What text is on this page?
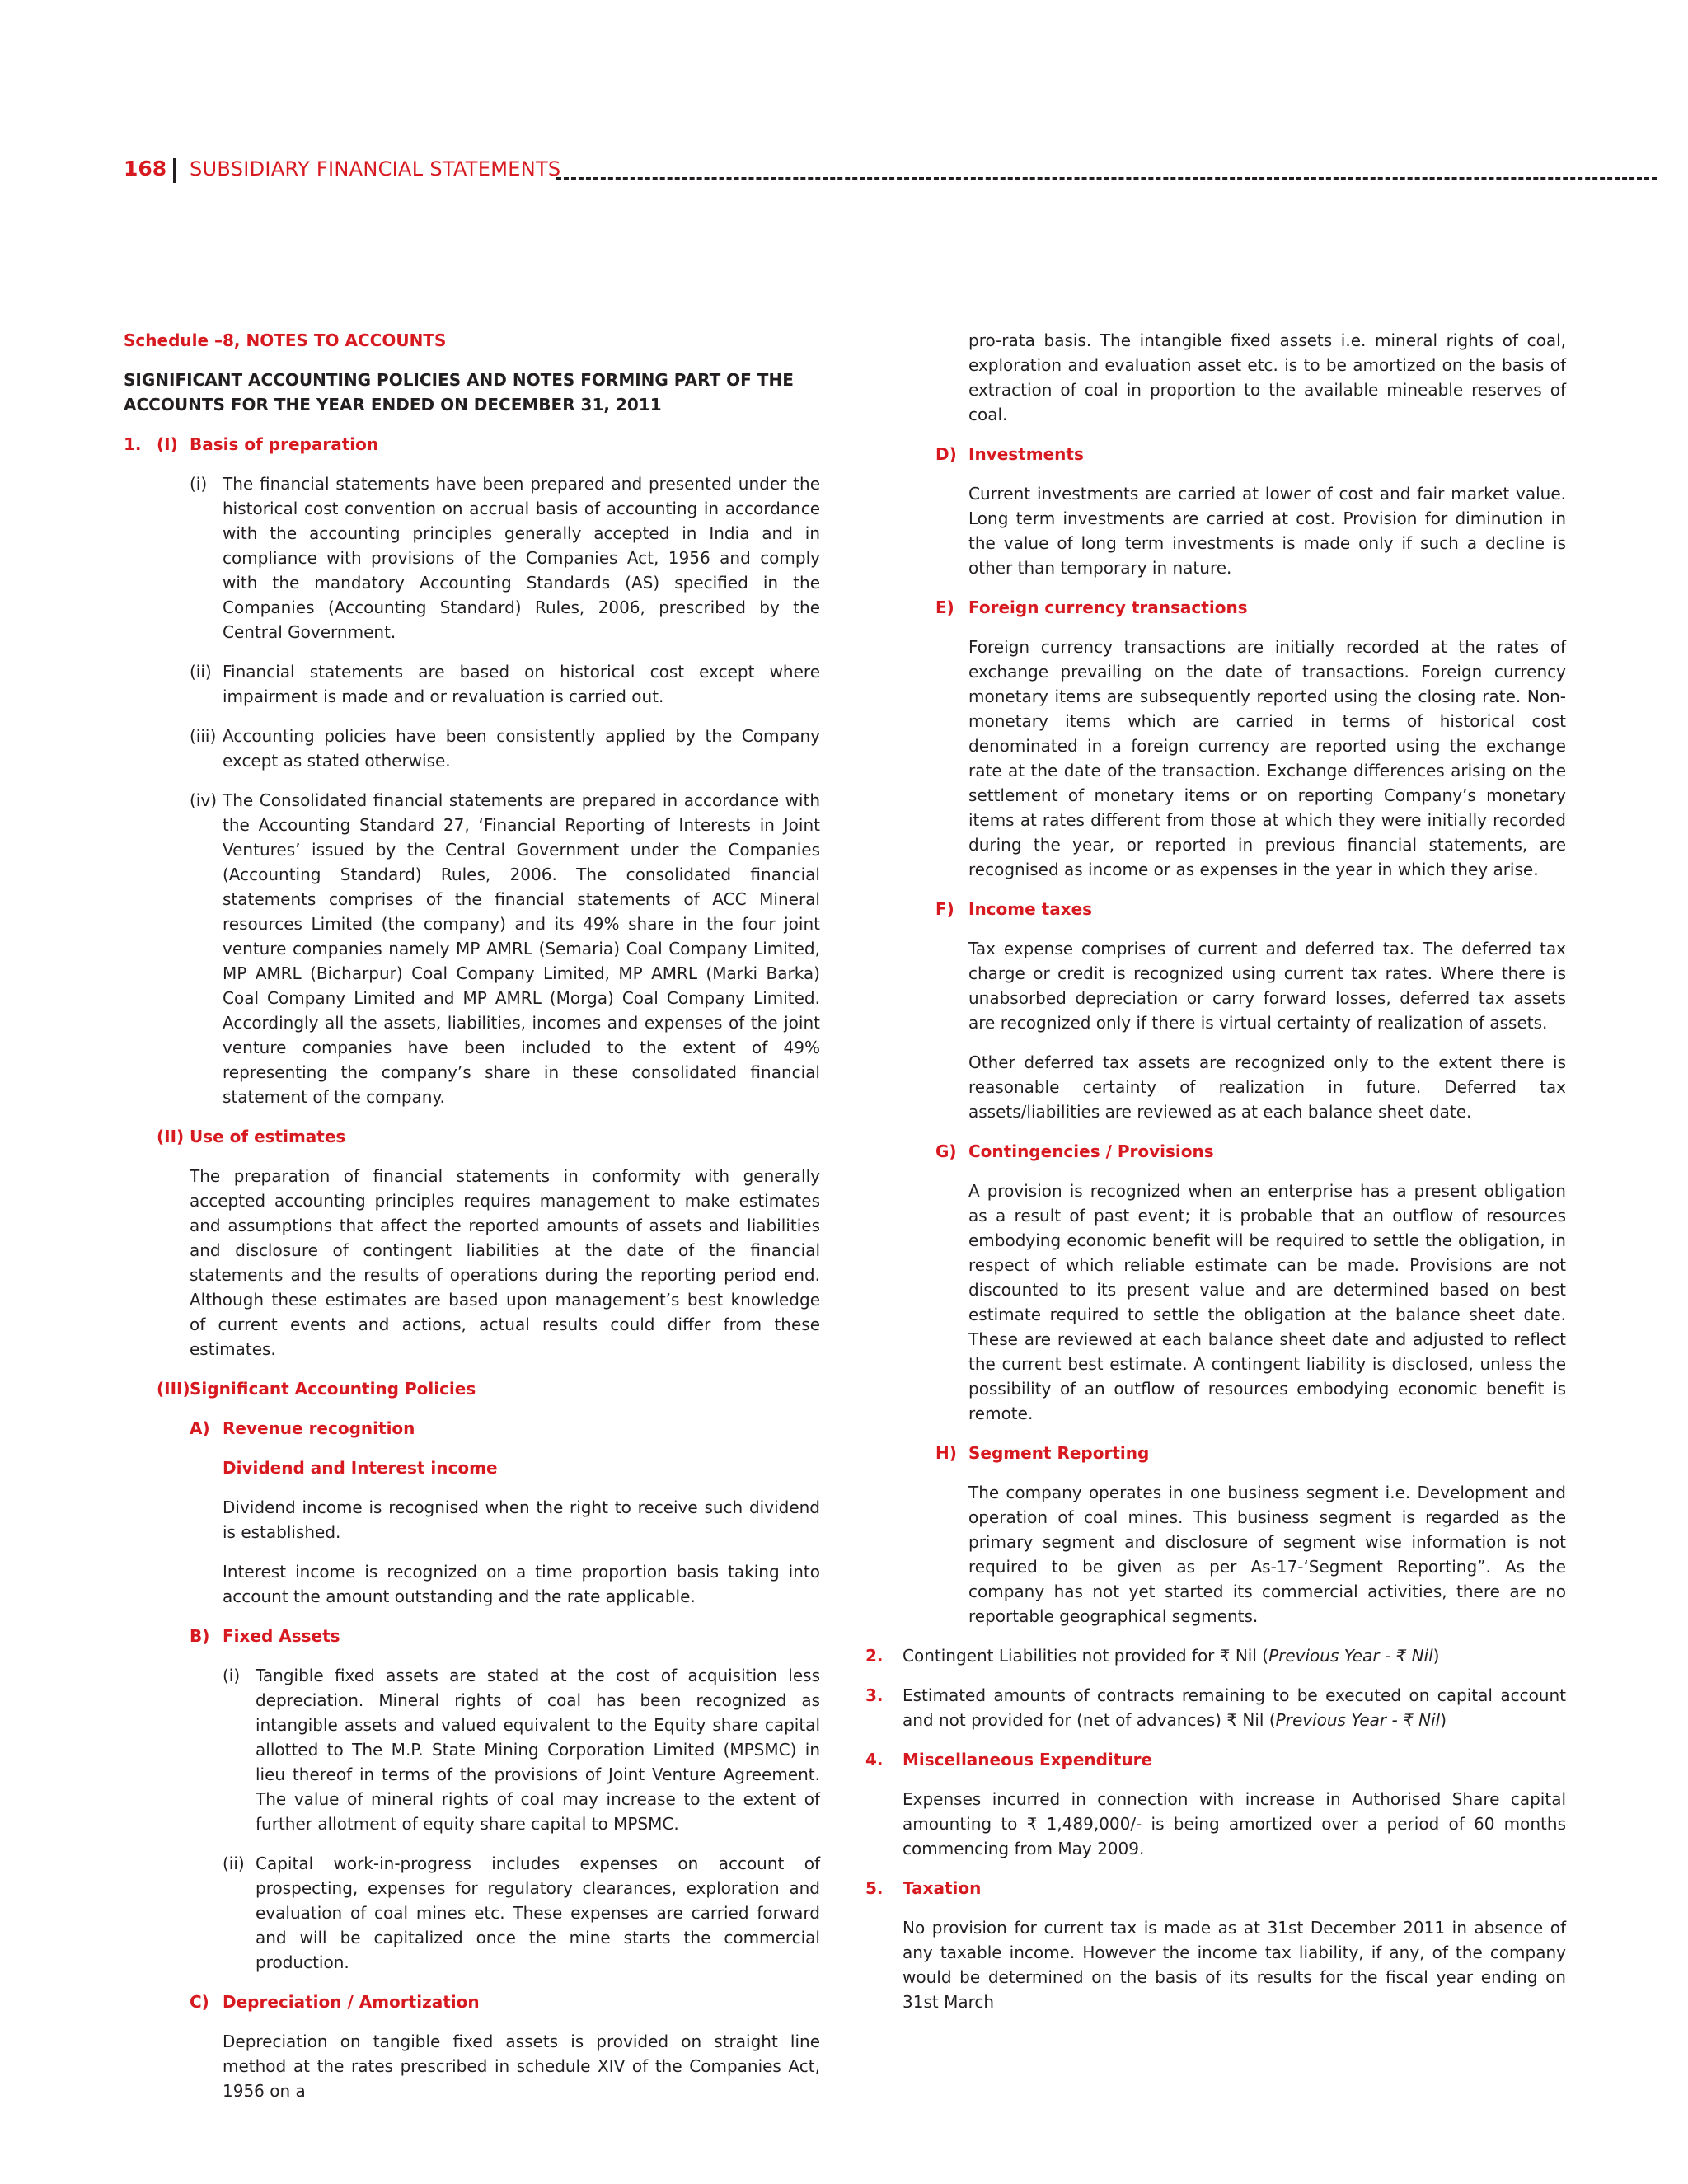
168 SUBSIDIARY FINANCIAL STATEMENTS
Schedule –8, NOTES TO ACCOUNTS
SIGNIFICANT ACCOUNTING POLICIES AND NOTES FORMING PART OF THE ACCOUNTS FOR THE YEAR ENDED ON DECEMBER 31, 2011
1. (I) Basis of preparation
(i) The financial statements have been prepared and presented under the historical cost convention on accrual basis of accounting in accordance with the accounting principles generally accepted in India and in compliance with provisions of the Companies Act, 1956 and comply with the mandatory Accounting Standards (AS) specified in the Companies (Accounting Standard) Rules, 2006, prescribed by the Central Government.
(ii) Financial statements are based on historical cost except where impairment is made and or revaluation is carried out.
(iii) Accounting policies have been consistently applied by the Company except as stated otherwise.
(iv) The Consolidated financial statements are prepared in accordance with the Accounting Standard 27, ‘Financial Reporting of Interests in Joint Ventures’ issued by the Central Government under the Companies (Accounting Standard) Rules, 2006. The consolidated financial statements comprises of the financial statements of ACC Mineral resources Limited (the company) and its 49% share in the four joint venture companies namely MP AMRL (Semaria) Coal Company Limited, MP AMRL (Bicharpur) Coal Company Limited, MP AMRL (Marki Barka) Coal Company Limited and MP AMRL (Morga) Coal Company Limited. Accordingly all the assets, liabilities, incomes and expenses of the joint venture companies have been included to the extent of 49% representing the company’s share in these consolidated financial statement of the company.
(II) Use of estimates

The preparation of financial statements in conformity with generally accepted accounting principles requires management to make estimates and assumptions that affect the reported amounts of assets and liabilities and disclosure of contingent liabilities at the date of the financial statements and the results of operations during the reporting period end. Although these estimates are based upon management’s best knowledge of current events and actions, actual results could differ from these estimates.

(III) Significant Accounting Policies
A) Revenue recognition
Dividend and Interest income

Dividend income is recognised when the right to receive such dividend is established.

Interest income is recognized on a time proportion basis taking into account the amount outstanding and the rate applicable.

B) Fixed Assets
(i) Tangible fixed assets are stated at the cost of acquisition less depreciation. Mineral rights of coal has been recognized as intangible assets and valued equivalent to the Equity share capital allotted to The M.P. State Mining Corporation Limited (MPSMC) in lieu thereof in terms of the provisions of Joint Venture Agreement. The value of mineral rights of coal may increase to the extent of further allotment of equity share capital to MPSMC.
(ii) Capital work-in-progress includes expenses on account of prospecting, expenses for regulatory clearances, exploration and evaluation of coal mines etc. These expenses are carried forward and will be capitalized once the mine starts the commercial production.
C) Depreciation / Amortization

Depreciation on tangible fixed assets is provided on straight line method at the rates prescribed in schedule XIV of the Companies Act, 1956 on a

pro-rata basis. The intangible fixed assets i.e. mineral rights of coal, exploration and evaluation asset etc. is to be amortized on the basis of extraction of coal in proportion to the available mineable reserves of coal.

D) Investments

Current investments are carried at lower of cost and fair market value. Long term investments are carried at cost. Provision for diminution in the value of long term investments is made only if such a decline is other than temporary in nature.

E) Foreign currency transactions

Foreign currency transactions are initially recorded at the rates of exchange prevailing on the date of transactions. Foreign currency monetary items are subsequently reported using the closing rate. Non-monetary items which are carried in terms of historical cost denominated in a foreign currency are reported using the exchange rate at the date of the transaction. Exchange differences arising on the settlement of monetary items or on reporting Company’s monetary items at rates different from those at which they were initially recorded during the year, or reported in previous financial statements, are recognised as income or as expenses in the year in which they arise.

F) Income taxes

Tax expense comprises of current and deferred tax. The deferred tax charge or credit is recognized using current tax rates. Where there is unabsorbed depreciation or carry forward losses, deferred tax assets are recognized only if there is virtual certainty of realization of assets.

Other deferred tax assets are recognized only to the extent there is reasonable certainty of realization in future. Deferred tax assets/liabilities are reviewed as at each balance sheet date.

G) Contingencies / Provisions

A provision is recognized when an enterprise has a present obligation as a result of past event; it is probable that an outflow of resources embodying economic benefit will be required to settle the obligation, in respect of which reliable estimate can be made. Provisions are not discounted to its present value and are determined based on best estimate required to settle the obligation at the balance sheet date. These are reviewed at each balance sheet date and adjusted to reflect the current best estimate. A contingent liability is disclosed, unless the possibility of an outflow of resources embodying economic benefit is remote.

H) Segment Reporting

The company operates in one business segment i.e. Development and operation of coal mines. This business segment is regarded as the primary segment and disclosure of segment wise information is not required to be given as per As-17-‘Segment Reporting”. As the company has not yet started its commercial activities, there are no reportable geographical segments.

2.	Contingent Liabilities not provided for ₹ Nil (Previous Year - ₹ Nil)
3.	Estimated amounts of contracts remaining to be executed on capital account and not provided for (net of advances) ₹ Nil (Previous Year - ₹ Nil)
4.	Miscellaneous Expenditure

Expenses incurred in connection with increase in Authorised Share capital amounting to ₹ 1,489,000/- is being amortized over a period of 60 months commencing from May 2009.

5.	Taxation

No provision for current tax is made as at 31st December 2011 in absence of any taxable income. However the income tax liability, if any, of the company would be determined on the basis of its results for the fiscal year ending on 31st March
